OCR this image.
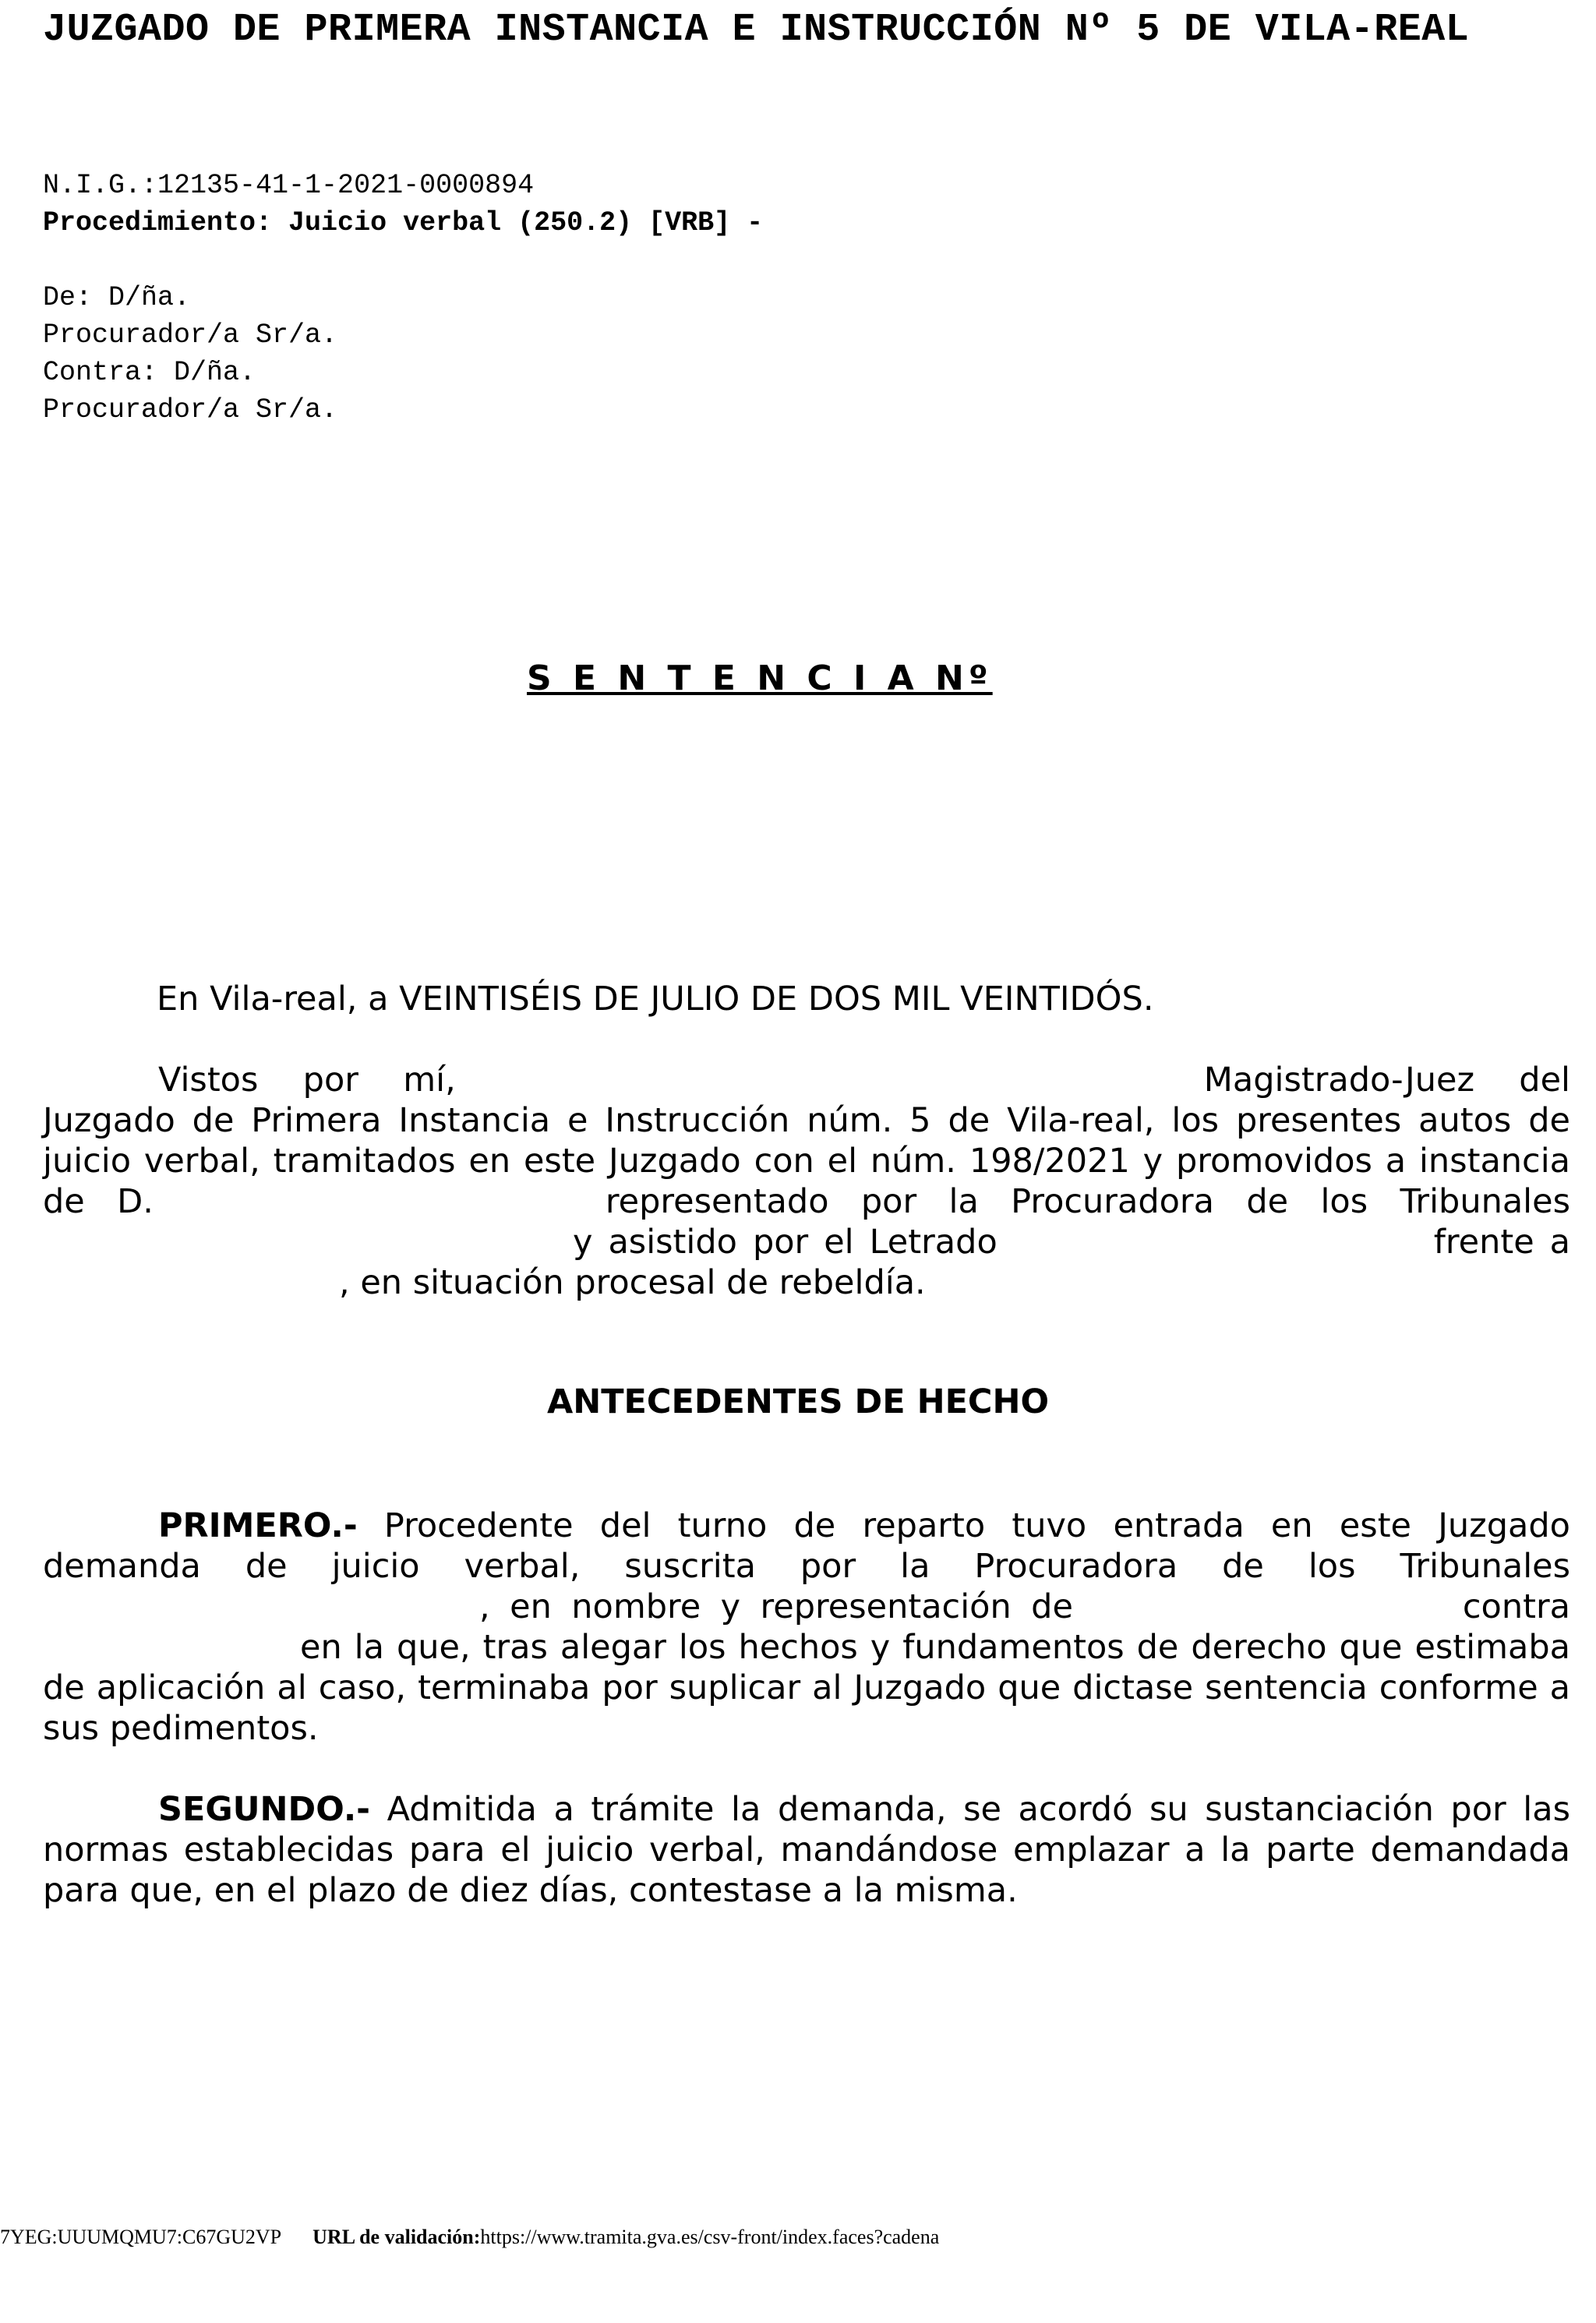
JUZGADO DE PRIMERA INSTANCIA E INSTRUCCIÓN Nº 5 DE VILA-REAL
N.I.G.:12135-41-1-2021-0000894
Procedimiento: Juicio verbal (250.2) [VRB] -
De: D/ña.
Procurador/a Sr/a.
Contra: D/ña.
Procurador/a Sr/a.
S E N T E N C I A Nº
En Vila-real, a VEINTISÉIS DE JULIO DE DOS MIL VEINTIDÓS.
Vistos por mí,	Magistrado-Juez del Juzgado de Primera Instancia e Instrucción núm. 5 de Vila-real, los presentes autos de juicio verbal, tramitados en este Juzgado con el núm. 198/2021 y promovidos a instancia de D.	representado por la Procuradora de los Tribunalesy asistido por el Letrado	frente a, en situación procesal de rebeldía.
ANTECEDENTES DE HECHO
PRIMERO.- Procedente del turno de reparto tuvo entrada en este Juzgado demanda de juicio verbal, suscrita por la Procuradora de los Tribunales, en nombre y representación de	contraen la que, tras alegar los hechos y fundamentos de derecho que estimaba de aplicación al caso, terminaba por suplicar al Juzgado que dictase sentencia conforme a sus pedimentos.
SEGUNDO.- Admitida a trámite la demanda, se acordó su sustanciación por las normas establecidas para el juicio verbal, mandándose emplazar a la parte demandada para que, en el plazo de diez días, contestase a la misma.
7YEG:UUUMQMU7:C67GU2VP URL de validación:https://www.tramita.gva.es/csv-front/index.faces?cadena
